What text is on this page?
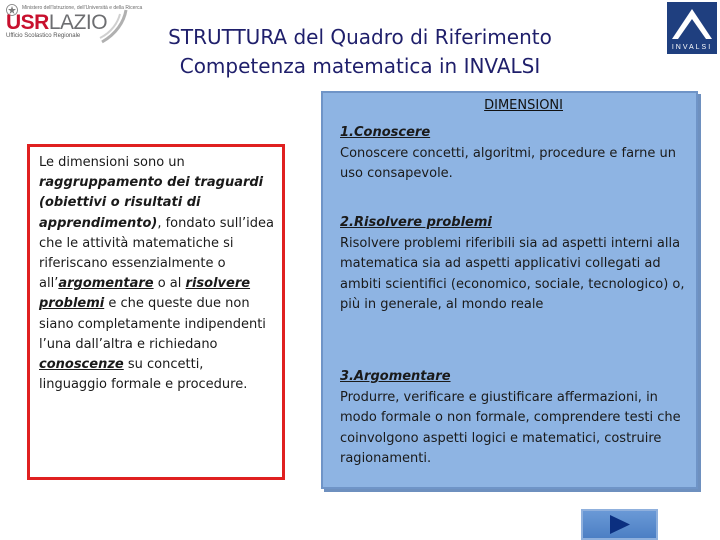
Ministero dell'Istruzione, dell'Università e della Ricerca
USRLAZIO
Ufficio Scolastico Regionale
INVALSI
STRUTTURA del Quadro di Riferimento
Competenza matematica in INVALSI
Le dimensioni sono un raggruppamento dei traguardi (obiettivi o risultati di apprendimento), fondato sull’idea che le attività matematiche si riferiscano essenzialmente o all’argomentare o al risolvere problemi e che queste due non siano completamente indipendenti l’una dall’altra e richiedano conoscenze su concetti, linguaggio formale e procedure.
DIMENSIONI
1.Conoscere
Conoscere concetti, algoritmi, procedure e farne un uso consapevole.
2.Risolvere problemi
Risolvere problemi riferibili sia ad aspetti interni alla matematica sia ad aspetti applicativi collegati ad ambiti scientifici (economico, sociale, tecnologico) o, più in generale, al mondo reale
3.Argomentare
Produrre, verificare e giustificare affermazioni, in modo formale o non formale, comprendere testi che coinvolgono aspetti logici e matematici, costruire ragionamenti.
